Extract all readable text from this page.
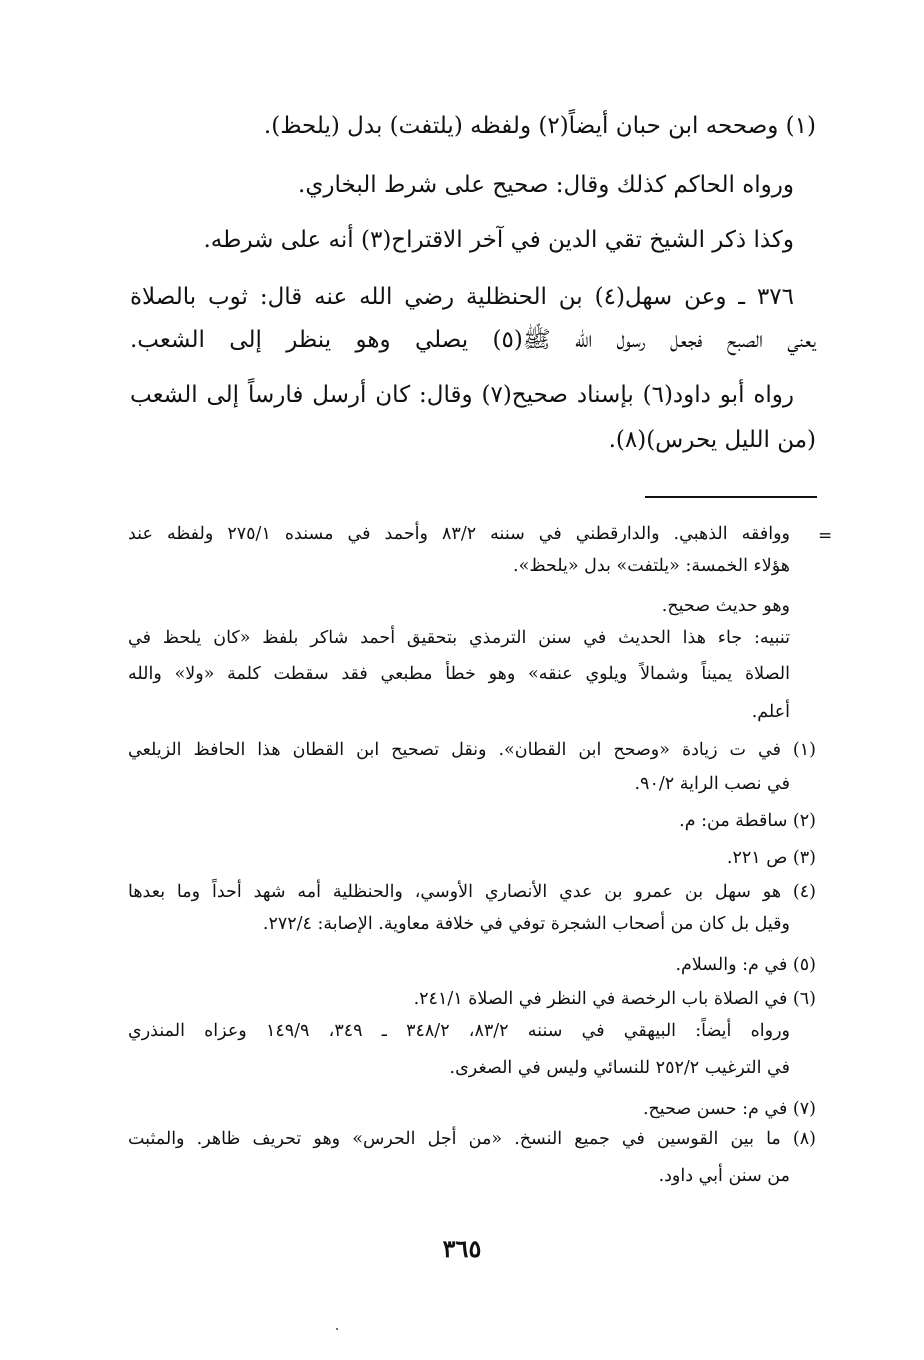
(١) وصححه ابن حبان أيضاً(٢) ولفظه (يلتفت) بدل (يلحظ).
ورواه الحاكم كذلك وقال: صحيح على شرط البخاري.
وكذا ذكر الشيخ تقي الدين في آخر الاقتراح(٣) أنه على شرطه.
٣٧٦ ـ وعن سهل(٤) بن الحنظلية رضي الله عنه قال: ثوب بالصلاة
يعني الصبح فجعل رسول الله ﷺ(٥) يصلي وهو ينظر إلى الشعب.
رواه أبو داود(٦) بإسناد صحيح(٧) وقال: كان أرسل فارساً إلى الشعب
(من الليل يحرس)(٨).
=
ووافقه الذهبي. والدارقطني في سننه ٨٣/٢ وأحمد في مسنده ٢٧٥/١ ولفظه عند
هؤلاء الخمسة: «يلتفت» بدل «يلحظ».
وهو حديث صحيح.
تنبيه: جاء هذا الحديث في سنن الترمذي بتحقيق أحمد شاكر بلفظ «كان يلحظ في
الصلاة يميناً وشمالاً ويلوي عنقه» وهو خطأ مطبعي فقد سقطت كلمة «ولا» والله
أعلم.
(١) في ت زيادة «وصحح ابن القطان». ونقل تصحيح ابن القطان هذا الحافظ الزيلعي
في نصب الراية ٩٠/٢.
(٢) ساقطة من: م.
(٣) ص ٢٢١.
(٤) هو سهل بن عمرو بن عدي الأنصاري الأوسي، والحنظلية أمه شهد أحداً وما بعدها
وقيل بل كان من أصحاب الشجرة توفي في خلافة معاوية. الإصابة: ٢٧٢/٤.
(٥) في م: والسلام.
(٦) في الصلاة باب الرخصة في النظر في الصلاة ٢٤١/١.
ورواه أيضاً: البيهقي في سننه ٨٣/٢، ٣٤٨/٢ ـ ٣٤٩، ١٤٩/٩ وعزاه المنذري
في الترغيب ٢٥٢/٢ للنسائي وليس في الصغرى.
(٧) في م: حسن صحيح.
(٨) ما بين القوسين في جميع النسخ. «من أجل الحرس» وهو تحريف ظاهر. والمثبت
من سنن أبي داود.
٣٦٥
